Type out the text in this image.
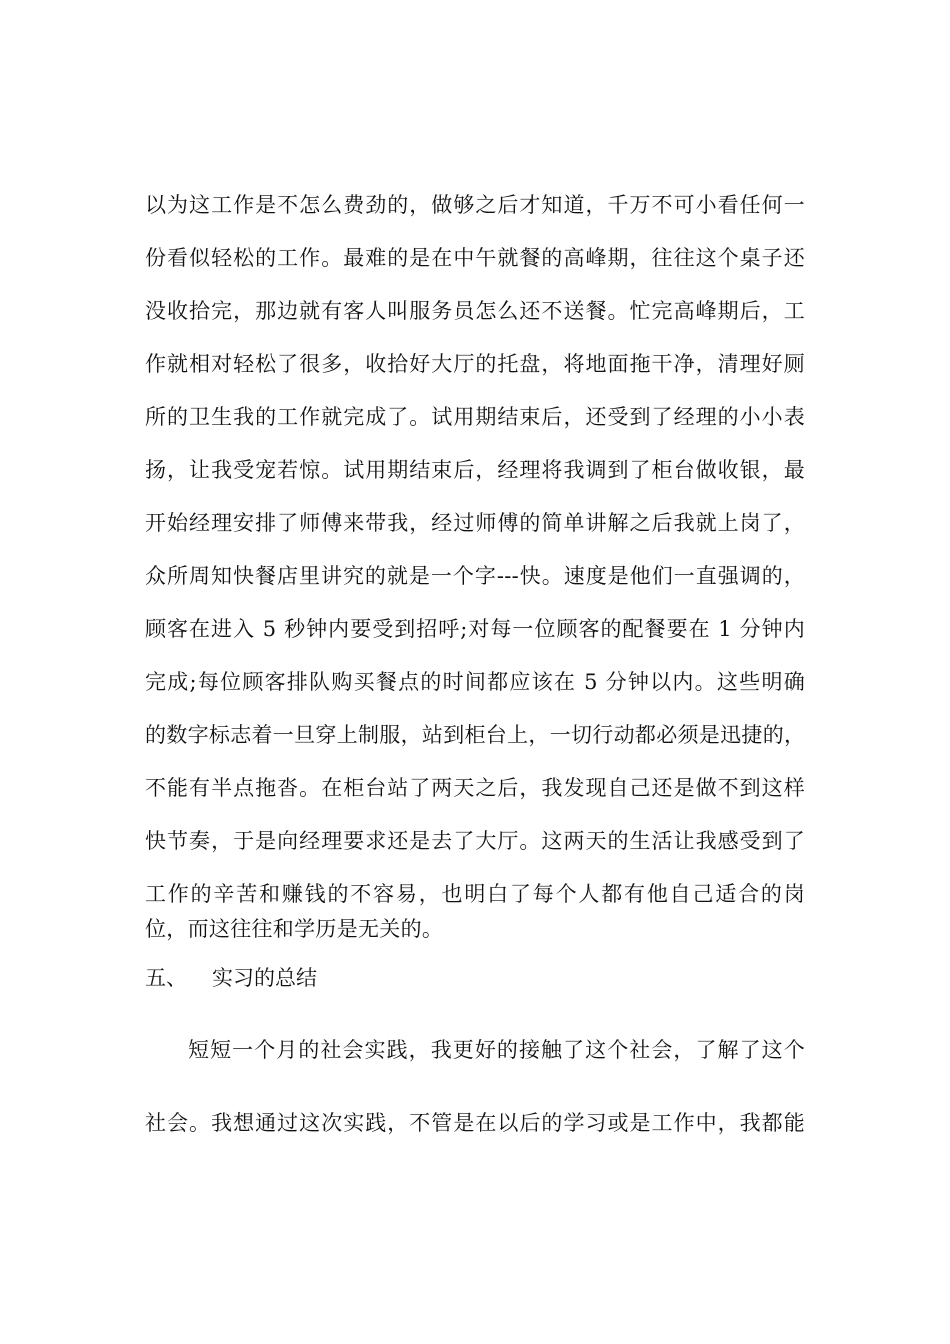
以为这工作是不怎么费劲的，做够之后才知道，千万不可小看任何一
份看似轻松的工作。最难的是在中午就餐的高峰期，往往这个桌子还
没收拾完，那边就有客人叫服务员怎么还不送餐。忙完高峰期后，工
作就相对轻松了很多，收拾好大厅的托盘，将地面拖干净，清理好厕
所的卫生我的工作就完成了。试用期结束后，还受到了经理的小小表
扬，让我受宠若惊。试用期结束后，经理将我调到了柜台做收银，最
开始经理安排了师傅来带我，经过师傅的简单讲解之后我就上岗了，
众所周知快餐店里讲究的就是一个字---快。速度是他们一直强调的，
顾客在进入 5 秒钟内要受到招呼;对每一位顾客的配餐要在 1 分钟内
完成;每位顾客排队购买餐点的时间都应该在 5 分钟以内。这些明确
的数字标志着一旦穿上制服，站到柜台上，一切行动都必须是迅捷的，
不能有半点拖沓。在柜台站了两天之后，我发现自己还是做不到这样
快节奏，于是向经理要求还是去了大厅。这两天的生活让我感受到了
工作的辛苦和赚钱的不容易，也明白了每个人都有他自己适合的岗
位，而这往往和学历是无关的。
五、 实习的总结
短短一个月的社会实践，我更好的接触了这个社会，了解了这个
社会。我想通过这次实践，不管是在以后的学习或是工作中，我都能
